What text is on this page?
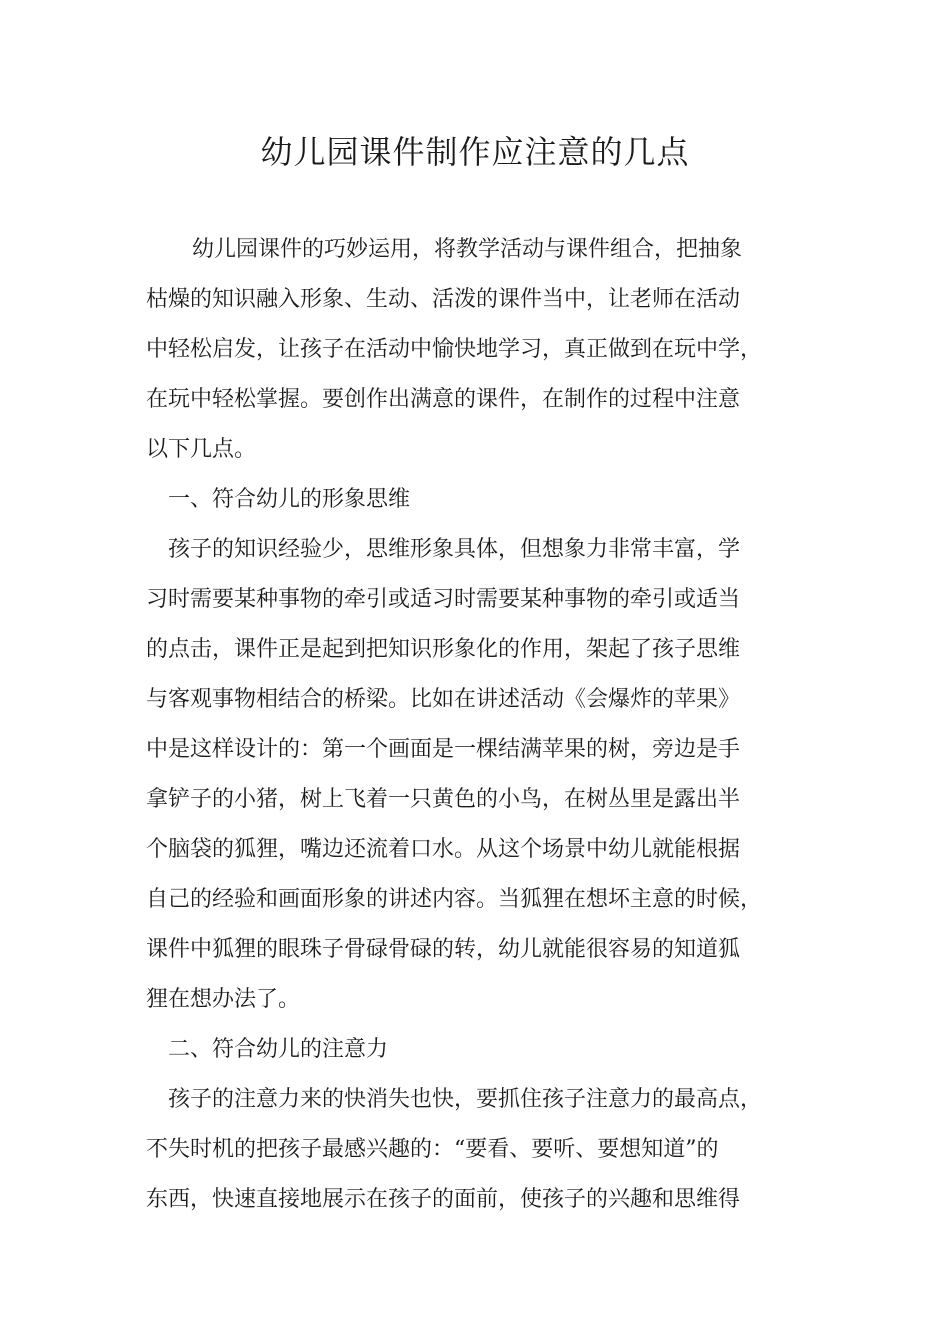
幼儿园课件制作应注意的几点
幼儿园课件的巧妙运用，将教学活动与课件组合，把抽象
枯燥的知识融入形象、生动、活泼的课件当中，让老师在活动
中轻松启发，让孩子在活动中愉快地学习，真正做到在玩中学，
在玩中轻松掌握。要创作出满意的课件，在制作的过程中注意
以下几点。
一、符合幼儿的形象思维
孩子的知识经验少，思维形象具体，但想象力非常丰富，学
习时需要某种事物的牵引或适习时需要某种事物的牵引或适当
的点击，课件正是起到把知识形象化的作用，架起了孩子思维
与客观事物相结合的桥梁。比如在讲述活动《会爆炸的苹果》
中是这样设计的：第一个画面是一棵结满苹果的树，旁边是手
拿铲子的小猪，树上飞着一只黄色的小鸟，在树丛里是露出半
个脑袋的狐狸，嘴边还流着口水。从这个场景中幼儿就能根据
自己的经验和画面形象的讲述内容。当狐狸在想坏主意的时候，
课件中狐狸的眼珠子骨碌骨碌的转，幼儿就能很容易的知道狐
狸在想办法了。
二、符合幼儿的注意力
孩子的注意力来的快消失也快，要抓住孩子注意力的最高点，
不失时机的把孩子最感兴趣的：“要看、要听、要想知道”的
东西，快速直接地展示在孩子的面前，使孩子的兴趣和思维得
